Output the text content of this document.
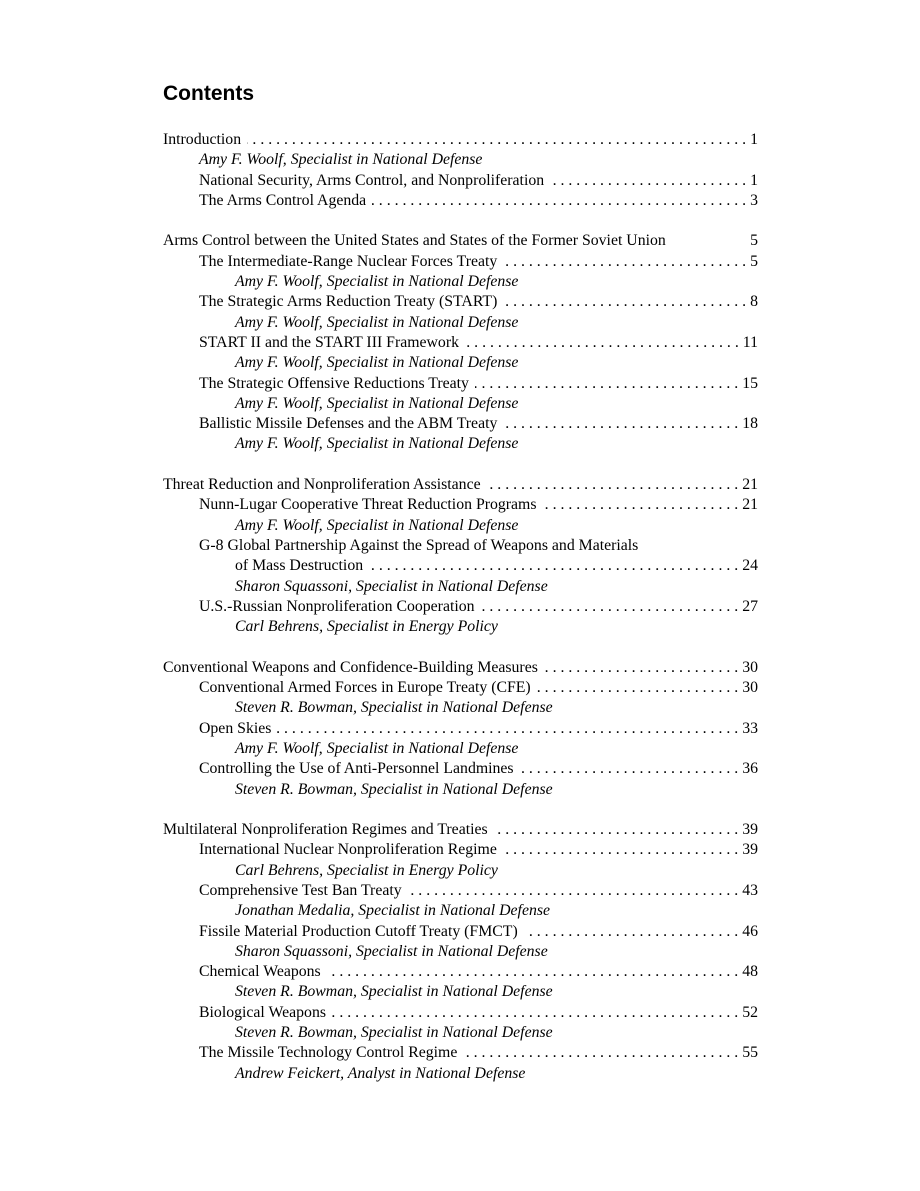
Contents
Introduction . . .	1
Amy F. Woolf, Specialist in National Defense
National Security, Arms Control, and Nonproliferation . . .	1
The Arms Control Agenda . . .	3
Arms Control between the United States and States of the Former Soviet Union	5
The Intermediate-Range Nuclear Forces Treaty . . .	5
Amy F. Woolf, Specialist in National Defense
The Strategic Arms Reduction Treaty (START) . . .	8
Amy F. Woolf, Specialist in National Defense
START II and the START III Framework . . .	11
Amy F. Woolf, Specialist in National Defense
The Strategic Offensive Reductions Treaty . . .	15
Amy F. Woolf, Specialist in National Defense
Ballistic Missile Defenses and the ABM Treaty . . .	18
Amy F. Woolf, Specialist in National Defense
Threat Reduction and Nonproliferation Assistance . . .	21
Nunn-Lugar Cooperative Threat Reduction Programs . . .	21
Amy F. Woolf, Specialist in National Defense
G-8 Global Partnership Against the Spread of Weapons and Materials
of Mass Destruction . . .	24
Sharon Squassoni, Specialist in National Defense
U.S.-Russian Nonproliferation Cooperation . . .	27
Carl Behrens, Specialist in Energy Policy
Conventional Weapons and Confidence-Building Measures . . .	30
Conventional Armed Forces in Europe Treaty (CFE) . . .	30
Steven R. Bowman, Specialist in National Defense
Open Skies . . .	33
Amy F. Woolf, Specialist in National Defense
Controlling the Use of Anti-Personnel Landmines . . .	36
Steven R. Bowman, Specialist in National Defense
Multilateral Nonproliferation Regimes and Treaties . . .	39
International Nuclear Nonproliferation Regime . . .	39
Carl Behrens, Specialist in Energy Policy
Comprehensive Test Ban Treaty . . .	43
Jonathan Medalia, Specialist in National Defense
Fissile Material Production Cutoff Treaty (FMCT) . . .	46
Sharon Squassoni, Specialist in National Defense
Chemical Weapons . . .	48
Steven R. Bowman, Specialist in National Defense
Biological Weapons . . .	52
Steven R. Bowman, Specialist in National Defense
The Missile Technology Control Regime . . .	55
Andrew Feickert, Analyst in National Defense
